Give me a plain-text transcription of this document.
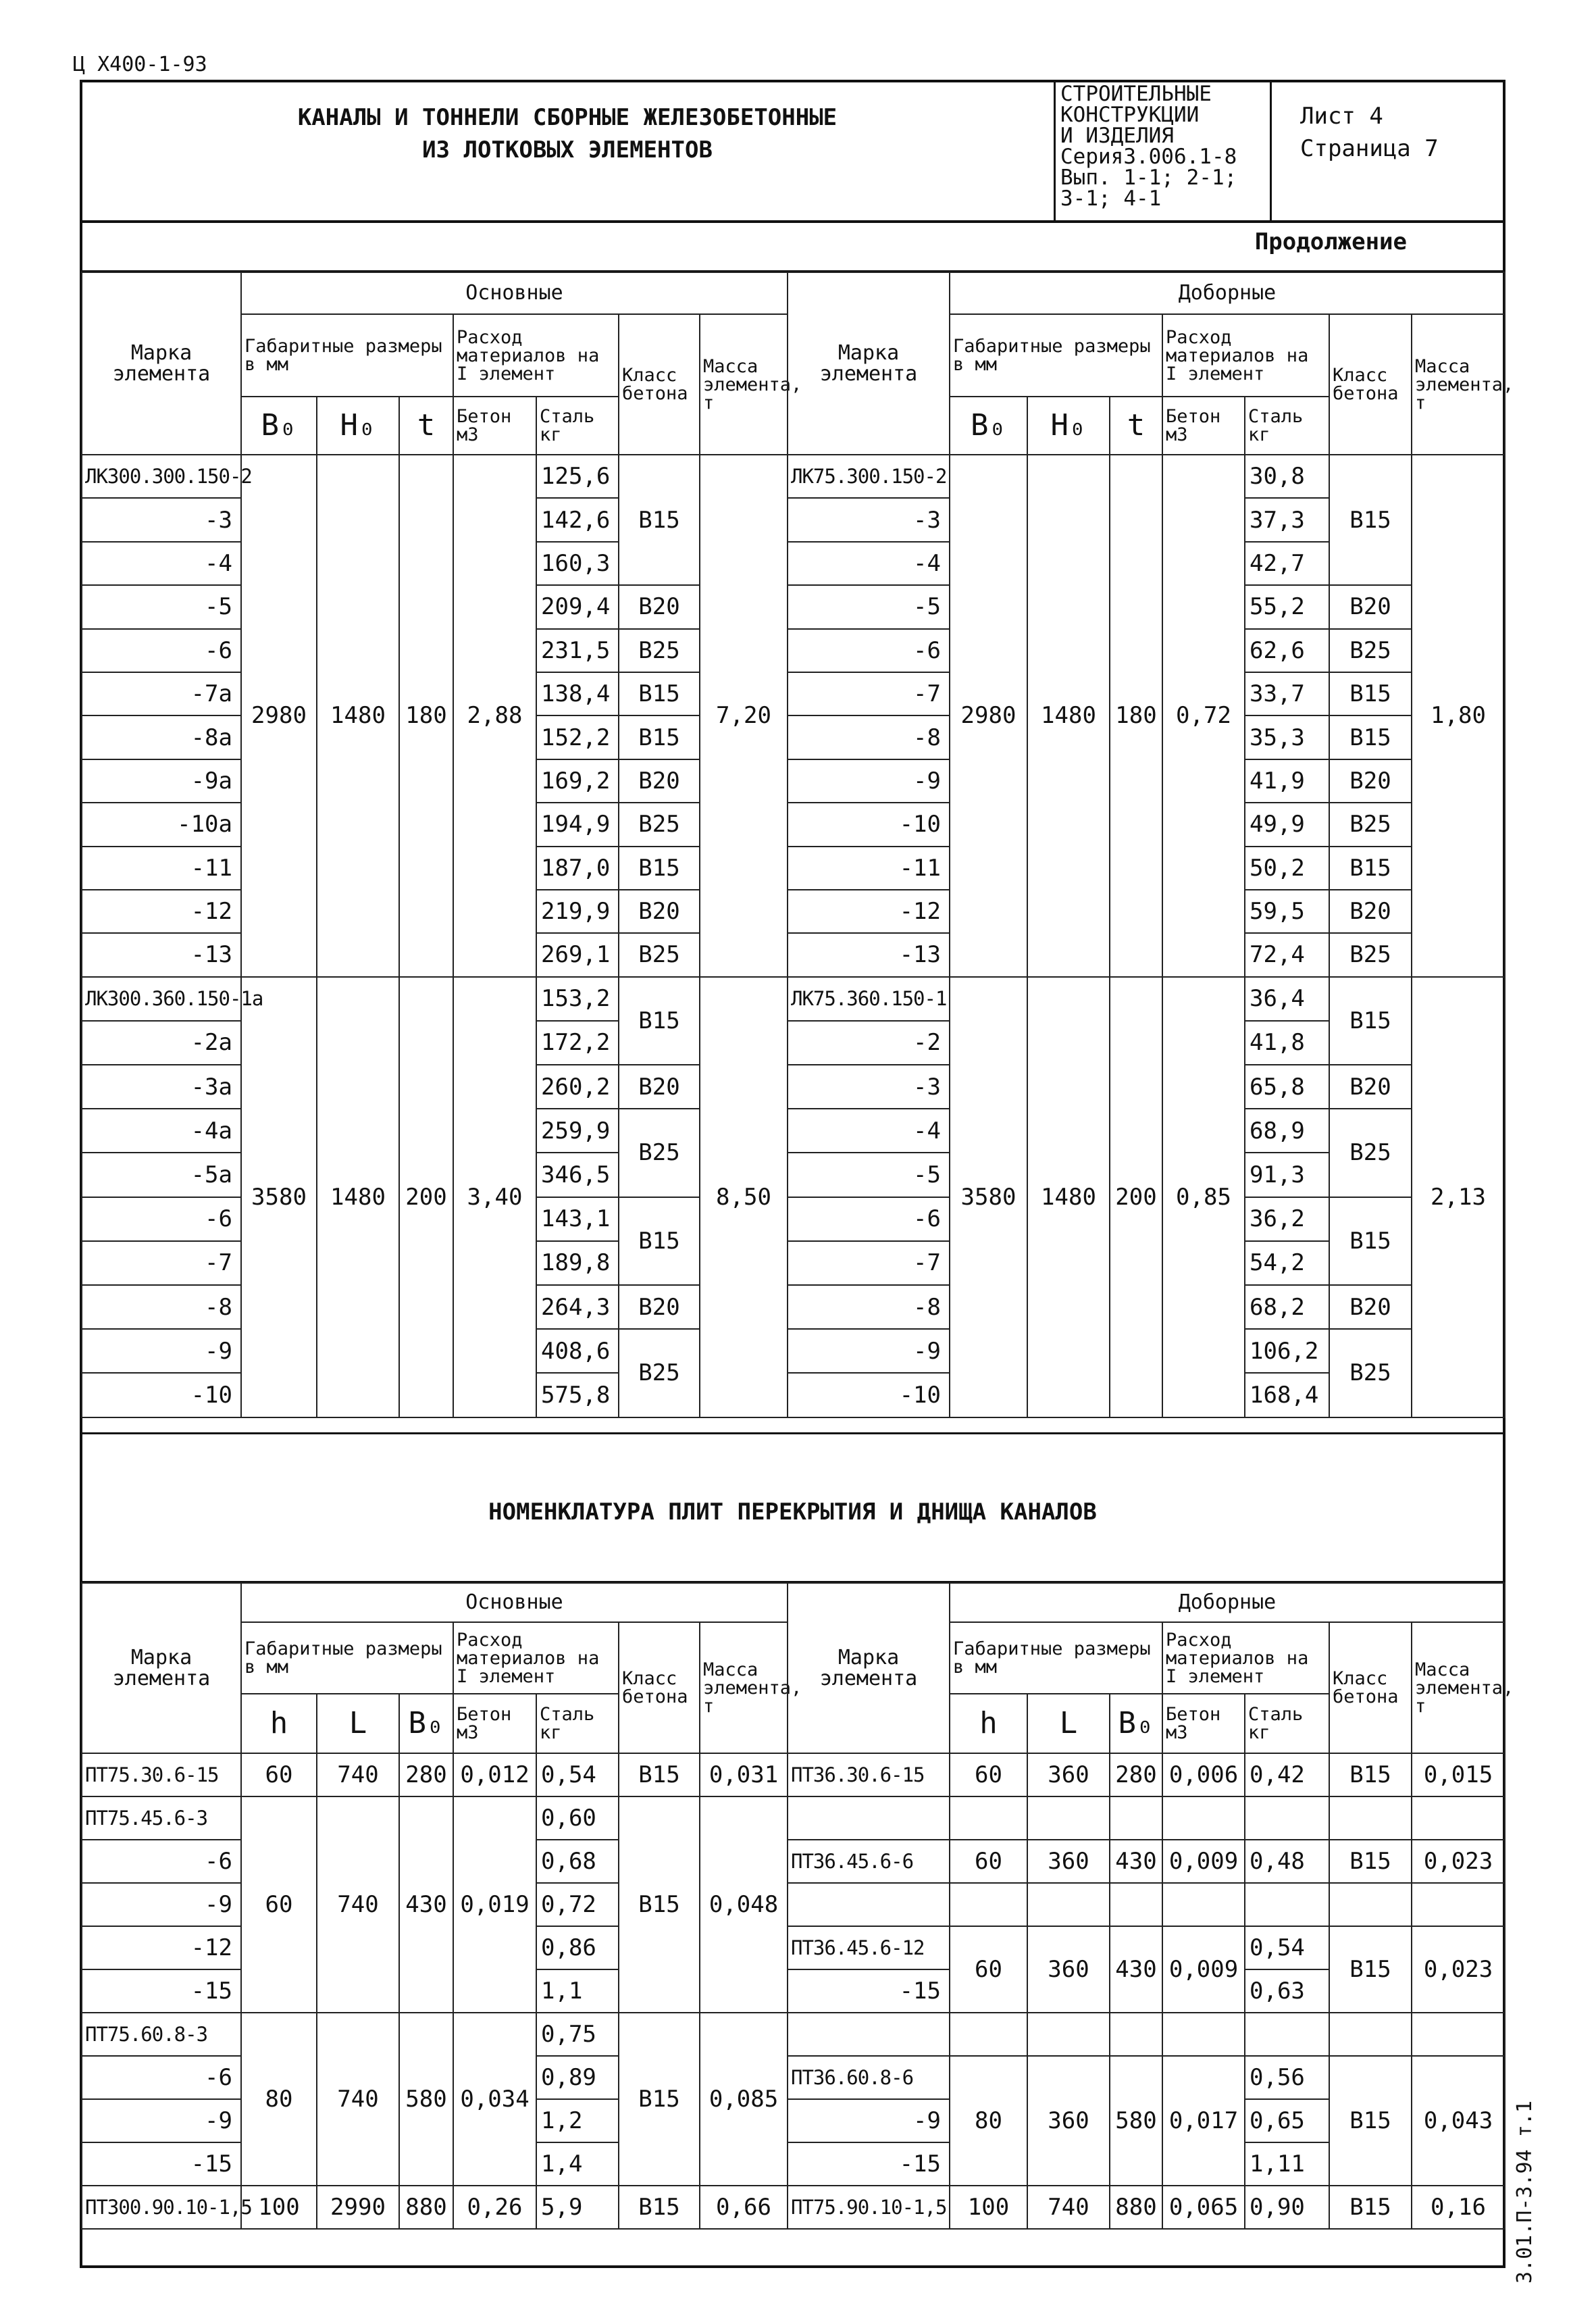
Ц Х400-1-93
КАНАЛЫ И ТОННЕЛИ СБОРНЫЕ ЖЕЛЕЗОБЕТОННЫЕ
ИЗ ЛОТКОВЫХ ЭЛЕМЕНТОВ
СТРОИТЕЛЬНЫЕ
КОНСТРУКЦИИ
И ИЗДЕЛИЯ
Серия3.006.1-8
Вып. 1-1; 2-1;
3-1; 4-1
Лист 4
Страница 7
Продолжение
Марка элемента	Основные						
	Габаритные размеры в мм			Расход материалов на I элемент		Класс бетона	Масса элемента, т
	B₀	H₀	t	Бетон м3	Сталь кг		
ЛК300.300.150-2	2980	1480	180	2,88	125,6	B15	7,20
-3					142,6		
-4					160,3		
-5					209,4	B20	
-6					231,5	B25	
-7а					138,4	B15	
-8а					152,2	B15	
-9а					169,2	B20	
-10а					194,9	B25	
-11					187,0	B15	
-12					219,9	B20	
-13					269,1	B25	
ЛК300.360.150-1а	3580	1480	200	3,40	153,2	B15	8,50
-2а					172,2		
-3а					260,2	B20	
-4а					259,9	B25	
-5а					346,5		
-6					143,1	B15	
-7					189,8		
-8					264,3	B20	
-9					408,6	B25	
-10					575,8		
Марка элемента	Доборные						
	Габаритные размеры в мм			Расход материалов на I элемент		Класс бетона	Масса элемента, т
	B₀	H₀	t	Бетон м3	Сталь кг		
ЛК75.300.150-2	2980	1480	180	0,72	30,8	B15	1,80
-3					37,3		
-4					42,7		
-5					55,2	B20	
-6					62,6	B25	
-7					33,7	B15	
-8					35,3	B15	
-9					41,9	B20	
-10					49,9	B25	
-11					50,2	B15	
-12					59,5	B20	
-13					72,4	B25	
ЛК75.360.150-1	3580	1480	200	0,85	36,4	B15	2,13
-2					41,8		
-3					65,8	B20	
-4					68,9	B25	
-5					91,3		
-6					36,2	B15	
-7					54,2		
-8					68,2	B20	
-9					106,2	B25	
-10					168,4		
НОМЕНКЛАТУРА ПЛИТ ПЕРЕКРЫТИЯ И ДНИЩА КАНАЛОВ
Марка элемента	Основные						
	Габаритные размеры в мм			Расход материалов на I элемент		Класс бетона	Масса элемента, т
	h	L	B₀	Бетон м3	Сталь кг		
ПТ75.30.6-15	60	740	280	0,012	0,54	B15	0,031
ПТ75.45.6-3	60	740	430	0,019	0,60	B15	0,048
-6					0,68		
-9					0,72		
-12					0,86		
-15					1,1		
ПТ75.60.8-3	80	740	580	0,034	0,75	B15	0,085
-6					0,89		
-9					1,2		
-15					1,4		
ПТ300.90.10-1,5	100	2990	880	0,26	5,9	B15	0,66
Марка элемента	Доборные						
	Габаритные размеры в мм			Расход материалов на I элемент		Класс бетона	Масса элемента, т
	h	L	B₀	Бетон м3	Сталь кг		
ПТ36.30.6-15	60	360	280	0,006	0,42	B15	0,015

ПТ36.45.6-6	60	360	430	0,009	0,48	B15	0,023

ПТ36.45.6-12	60	360	430	0,009	0,54	B15	0,023
-15					0,63		

ПТ36.60.8-6	80	360	580	0,017	0,56	B15	0,043
-9					0,65		
-15					1,11		
ПТ75.90.10-1,5	100	740	880	0,065	0,90	B15	0,16 3.01.П-3.94 т.1
